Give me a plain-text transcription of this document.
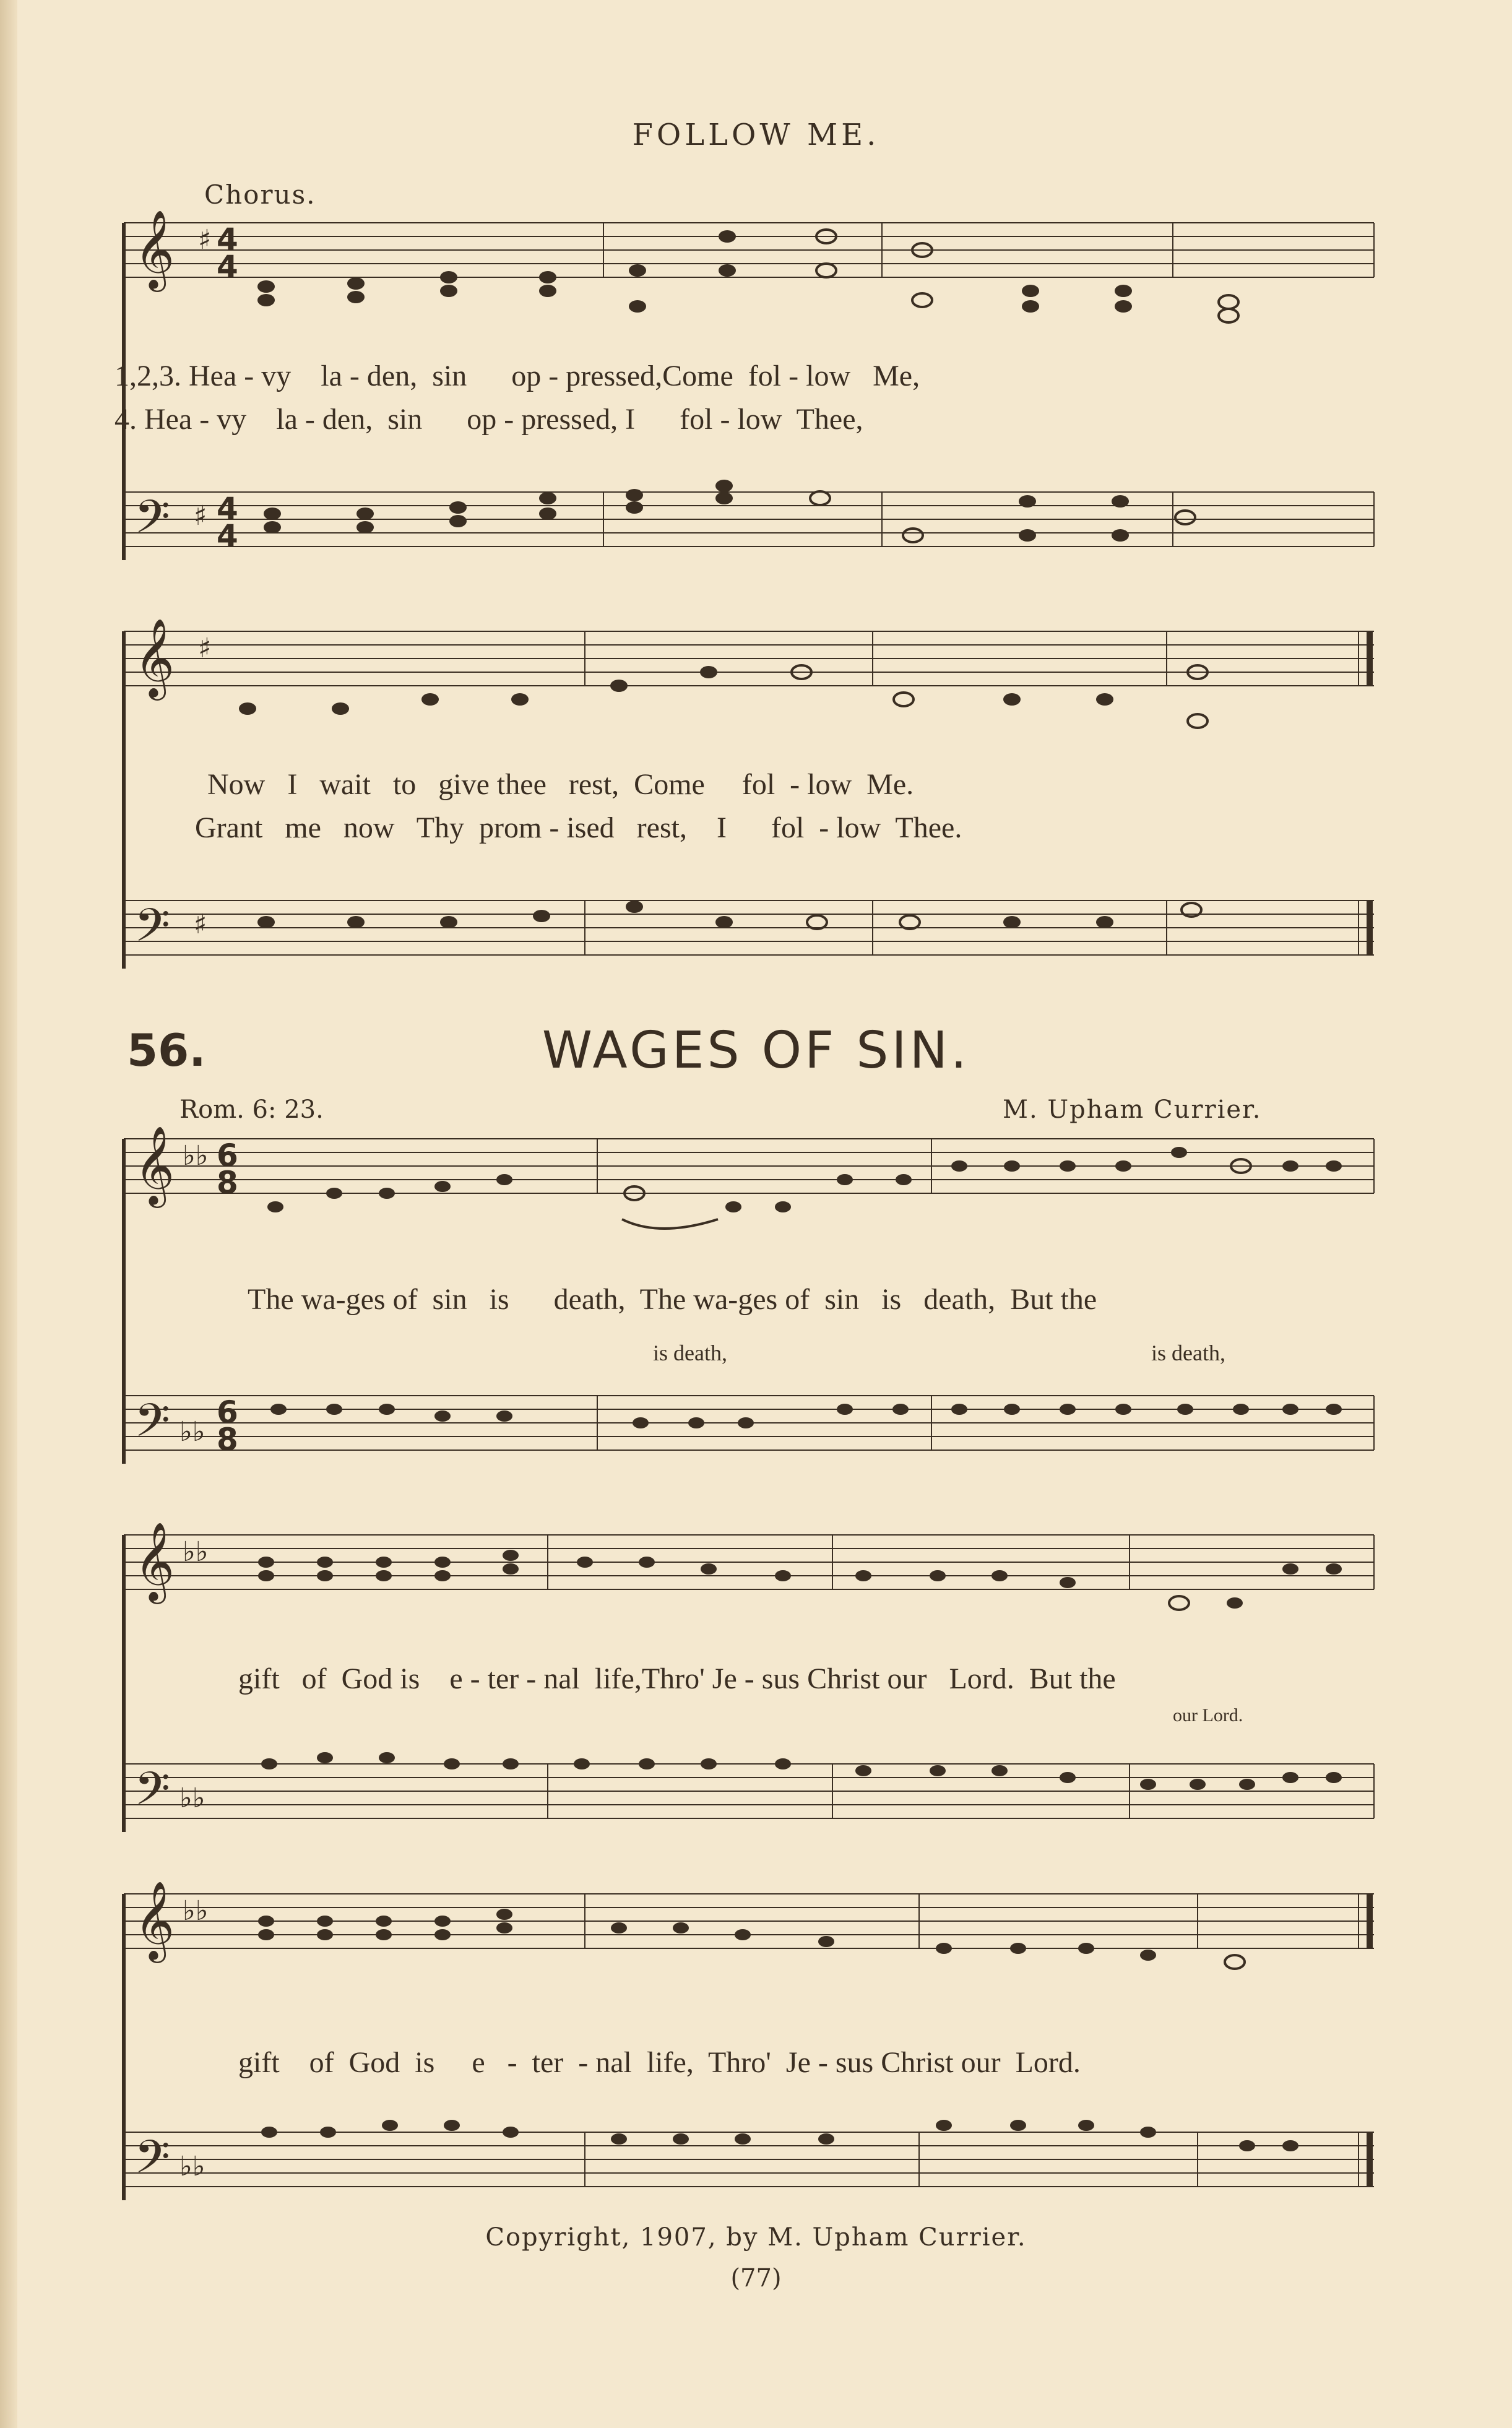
FOLLOW ME.
Chorus.
𝄞
𝄢
♯
♯
4
4
4
4
1,2,3. Hea - vy    la - den,  sin      op - pressed,Come  fol - low   Me,
4. Hea - vy    la - den,  sin      op - pressed, I      fol - low  Thee,
𝄞
𝄢
♯
♯
Now   I   wait   to   give thee   rest,  Come     fol  - low  Me.
Grant   me   now   Thy  prom - ised   rest,    I      fol  - low  Thee.
56.	WAGES OF SIN.
Rom. 6: 23.	M. Upham Currier.
𝄞
𝄢
♭♭
♭♭
6
8
6
8
The wa-ges of  sin   is      death,  The wa-ges of  sin   is   death,  But the
is death,	is death,
𝄞
𝄢
♭♭
♭♭
gift   of  God is    e - ter - nal  life,Thro' Je - sus Christ our   Lord.  But the
our Lord.
𝄞
𝄢
♭♭
♭♭
gift    of  God  is     e   -  ter  - nal  life,  Thro'  Je - sus Christ our  Lord.
Copyright, 1907, by M. Upham Currier.
(77)
